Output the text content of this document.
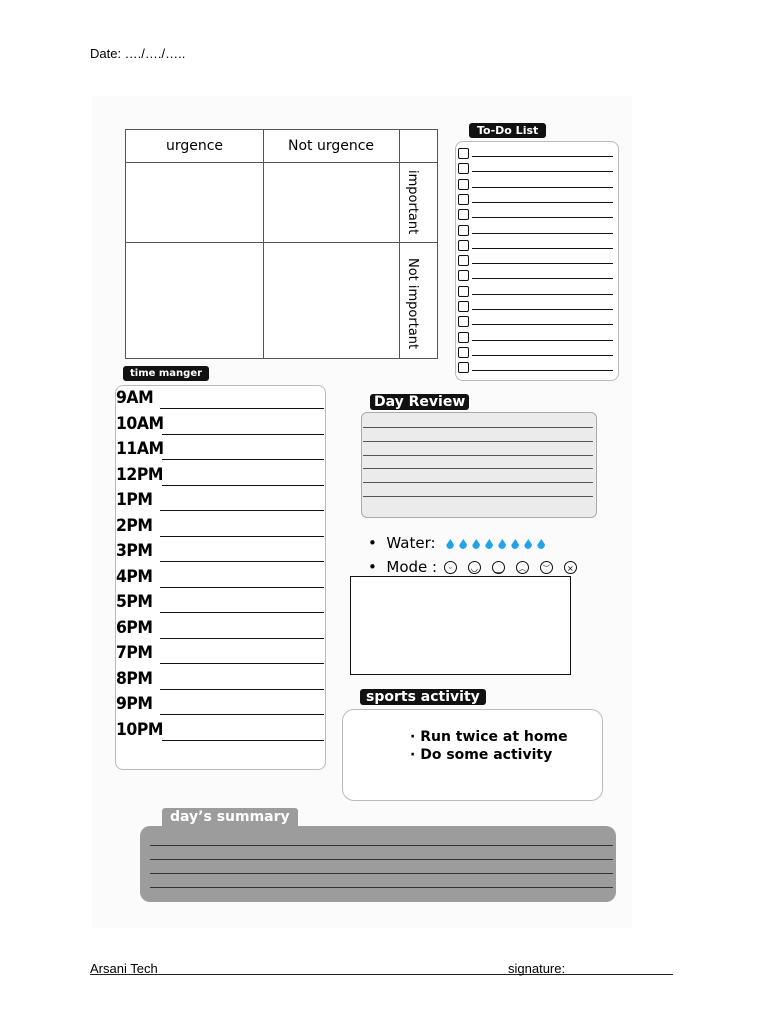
Date: …./…./…..
urgence	Not urgence
important
Not important
To-Do List
time manger
9AM
10AM
11AM
12PM
1PM
2PM
3PM
4PM
5PM
6PM
7PM
8PM
9PM
10PM
Day Review
•  Water:
•  Mode : ᵕ ◡ ‿ ︵ ︶ ×
sports activity
· Run twice at home
· Do some activity
day’s summary
Arsani Tech	signature:
